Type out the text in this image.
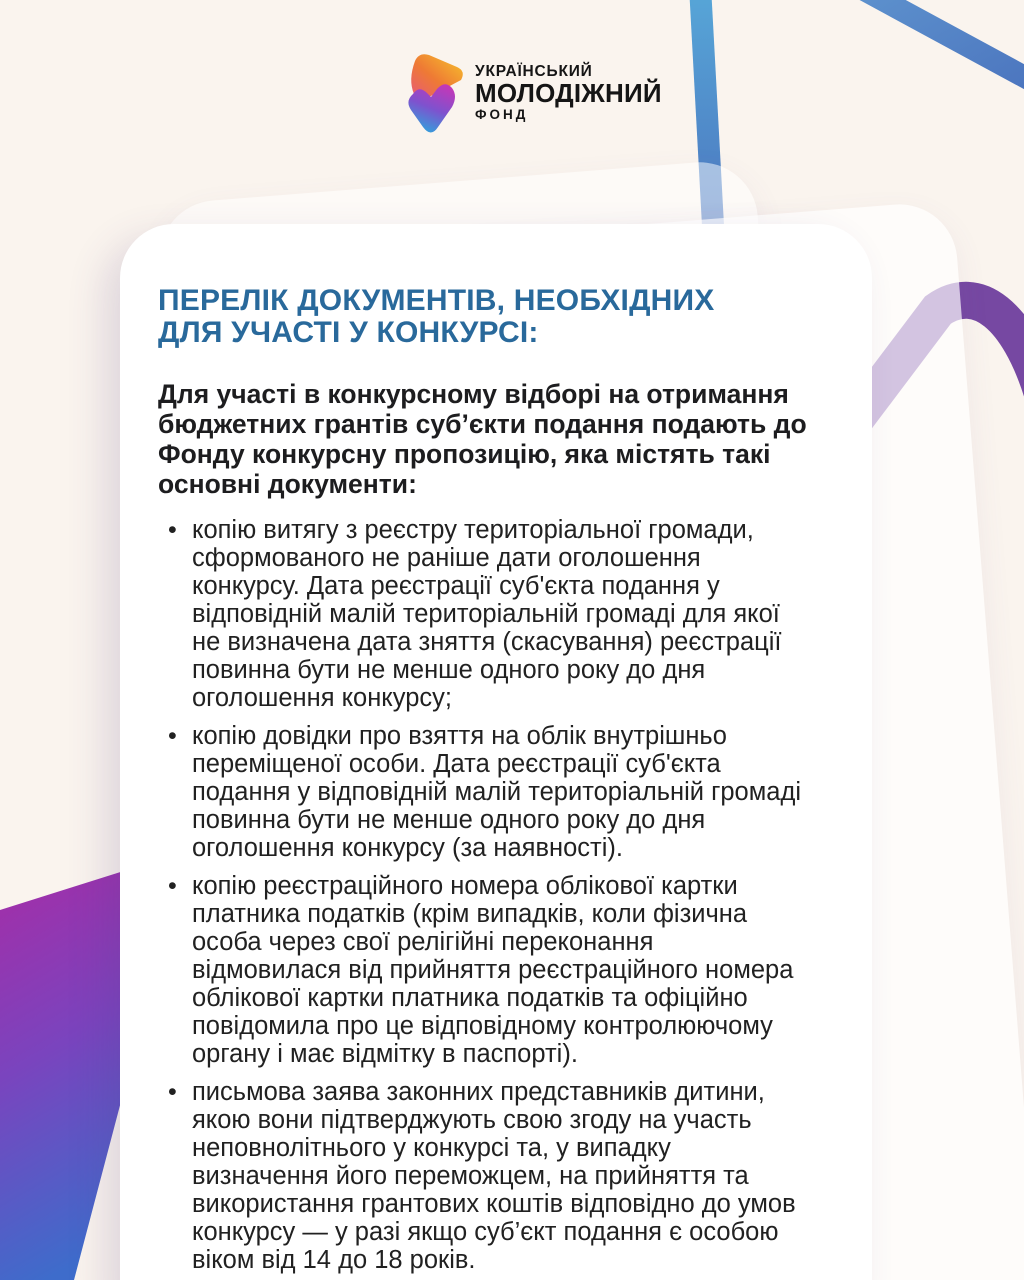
УКРАЇНСЬКИЙ
МОЛОДІЖНИЙ
ФОНД
ПЕРЕЛІК ДОКУМЕНТІВ, НЕОБХІДНИХ
ДЛЯ УЧАСТІ У КОНКУРСІ:

Для участі в конкурсному відборі на отримання бюджетних грантів суб’єкти подання подають до Фонду конкурсну пропозицію, яка містять такі основні документи:

• копію витягу з реєстру територіальної громади, сформованого не раніше дати оголошення конкурсу. Дата реєстрації суб'єкта подання у відповідній малій територіальній громаді для якої не визначена дата зняття (скасування) реєстрації повинна бути не менше одного року до дня оголошення конкурсу;
• копію довідки про взяття на облік внутрішньо переміщеної особи. Дата реєстрації суб'єкта подання у відповідній малій територіальній громаді повинна бути не менше одного року до дня оголошення конкурсу (за наявності).
• копію реєстраційного номера облікової картки платника податків (крім випадків, коли фізична особа через свої релігійні переконання відмовилася від прийняття реєстраційного номера облікової картки платника податків та офіційно повідомила про це відповідному контролюючому органу і має відмітку в паспорті).
• письмова заява законних представників дитини, якою вони підтверджують свою згоду на участь неповнолітнього у конкурсі та, у випадку визначення його переможцем, на прийняття та використання грантових коштів відповідно до умов конкурсу — у разі якщо суб’єкт подання є особою віком від 14 до 18 років.
